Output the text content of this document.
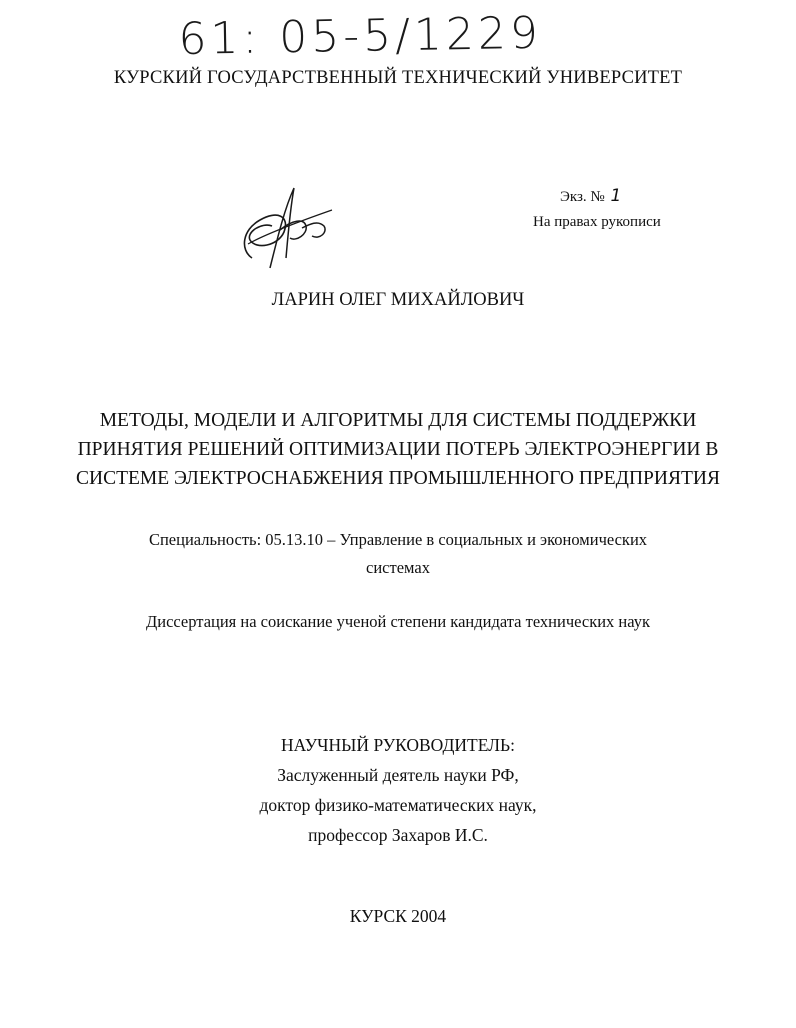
61: 05-5/1229
КУРСКИЙ ГОСУДАРСТВЕННЫЙ ТЕХНИЧЕСКИЙ УНИВЕРСИТЕТ
Экз. № 1
На правах рукописи
ЛАРИН ОЛЕГ МИХАЙЛОВИЧ
МЕТОДЫ, МОДЕЛИ И АЛГОРИТМЫ ДЛЯ СИСТЕМЫ ПОДДЕРЖКИ
ПРИНЯТИЯ РЕШЕНИЙ ОПТИМИЗАЦИИ ПОТЕРЬ ЭЛЕКТРОЭНЕРГИИ В
СИСТЕМЕ ЭЛЕКТРОСНАБЖЕНИЯ ПРОМЫШЛЕННОГО ПРЕДПРИЯТИЯ
Специальность: 05.13.10 – Управление в социальных и экономических
системах
Диссертация на соискание ученой степени кандидата технических наук
НАУЧНЫЙ РУКОВОДИТЕЛЬ:
Заслуженный деятель науки РФ,
доктор физико-математических наук,
профессор Захаров И.С.
КУРСК 2004
